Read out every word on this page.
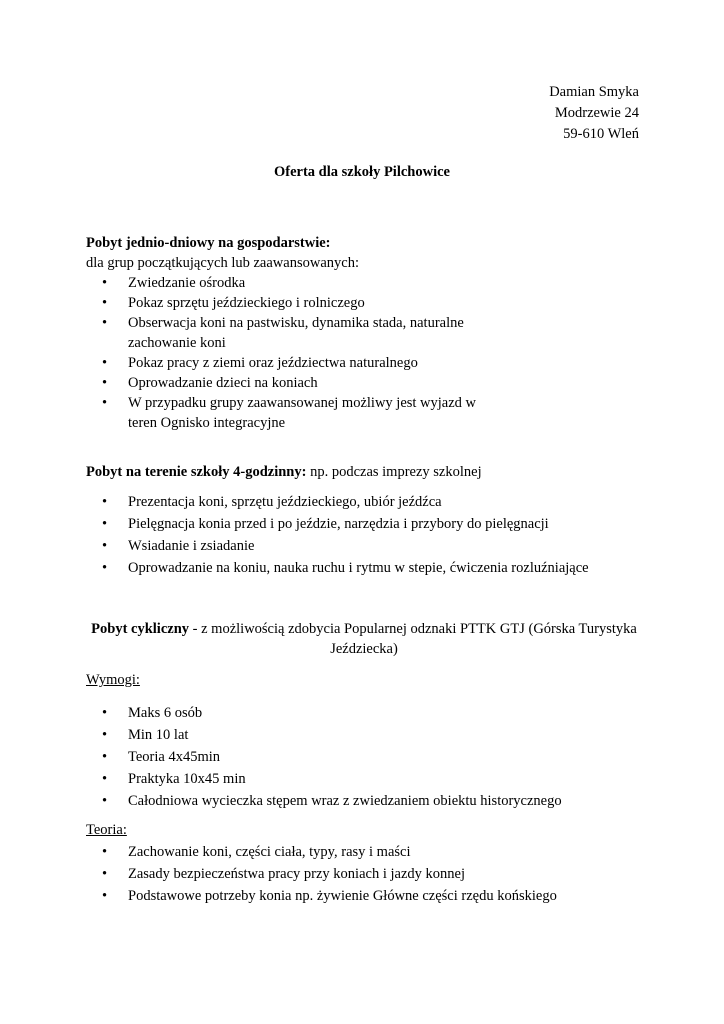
Damian Smyka
Modrzewie 24
59-610 Wleń
Oferta dla szkoły Pilchowice
Pobyt jednio-dniowy na gospodarstwie:
dla grup początkujących lub zaawansowanych:
• Zwiedzanie ośrodka
• Pokaz sprzętu jeździeckiego i rolniczego
• Obserwacja koni na pastwisku, dynamika stada, naturalne zachowanie koni
• Pokaz pracy z ziemi oraz jeździectwa naturalnego
• Oprowadzanie dzieci na koniach
• W przypadku grupy zaawansowanej możliwy jest wyjazd w teren Ognisko integracyjne
Pobyt na terenie szkoły 4-godzinny: np. podczas imprezy szkolnej
• Prezentacja koni, sprzętu jeździeckiego, ubiór jeźdźca
• Pielęgnacja konia przed i po jeździe, narzędzia i przybory do pielęgnacji
• Wsiadanie i zsiadanie
• Oprowadzanie na koniu, nauka ruchu i rytmu w stepie, ćwiczenia rozluźniające
Pobyt cykliczny - z możliwością zdobycia Popularnej odznaki PTTK GTJ (Górska Turystyka Jeździecka)
Wymogi:
• Maks 6 osób
• Min 10 lat
• Teoria 4x45min
• Praktyka 10x45 min
• Całodniowa wycieczka stępem wraz z zwiedzaniem obiektu historycznego
Teoria:
• Zachowanie koni, części ciała, typy, rasy i maści
• Zasady bezpieczeństwa pracy przy koniach i jazdy konnej
• Podstawowe potrzeby konia np. żywienie Główne części rzędu końskiego
